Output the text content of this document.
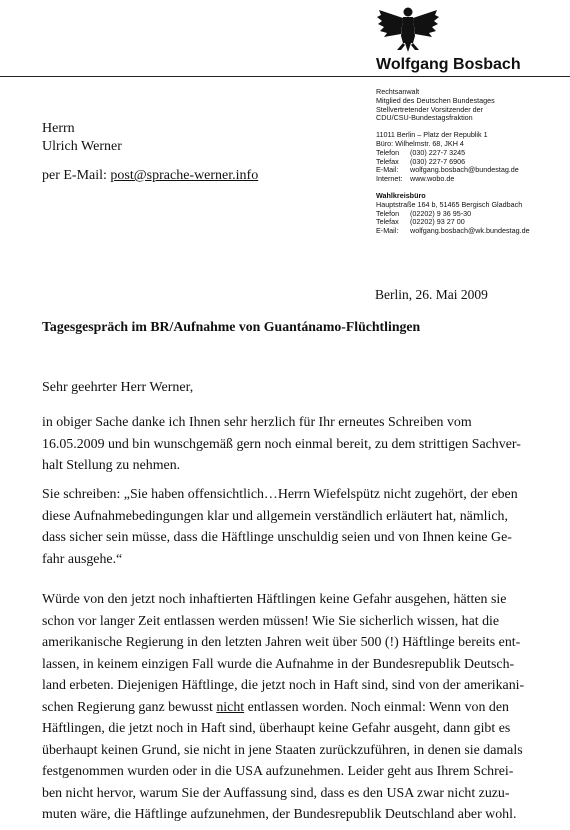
Wolfgang Bosbach
Rechtsanwalt
Mitglied des Deutschen Bundestages
Stellvertretender Vorsitzender der
CDU/CSU-Bundestagsfraktion
11011 Berlin – Platz der Republik 1
Büro: Wilhelmstr. 68, JKH 4
Telefon (030) 227-7 3245
Telefax (030) 227-7 6906
E-Mail: wolfgang.bosbach@bundestag.de
Internet: www.wobo.de
Wahlkreisbüro
Hauptstraße 164 b, 51465 Bergisch Gladbach
Telefon (02202) 9 36 95-30
Telefax (02202) 93 27 00
E-Mail: wolfgang.bosbach@wk.bundestag.de
Herrn
Ulrich Werner
per E-Mail: post@sprache-werner.info
Berlin, 26. Mai 2009
Tagesgespräch im BR/Aufnahme von Guantánamo-Flüchtlingen
Sehr geehrter Herr Werner,

in obiger Sache danke ich Ihnen sehr herzlich für Ihr erneutes Schreiben vom
16.05.2009 und bin wunschgemäß gern noch einmal bereit, zu dem strittigen Sachver-
halt Stellung zu nehmen.

Sie schreiben: „Sie haben offensichtlich…Herrn Wiefelspütz nicht zugehört, der eben
diese Aufnahmebedingungen klar und allgemein verständlich erläutert hat, nämlich,
dass sicher sein müsse, dass die Häftlinge unschuldig seien und von Ihnen keine Ge-
fahr ausgehe.“

Würde von den jetzt noch inhaftierten Häftlingen keine Gefahr ausgehen, hätten sie
schon vor langer Zeit entlassen werden müssen! Wie Sie sicherlich wissen, hat die
amerikanische Regierung in den letzten Jahren weit über 500 (!) Häftlinge bereits ent-
lassen, in keinem einzigen Fall wurde die Aufnahme in der Bundesrepublik Deutsch-
land erbeten. Diejenigen Häftlinge, die jetzt noch in Haft sind, sind von der amerikani-
schen Regierung ganz bewusst nicht entlassen worden. Noch einmal: Wenn von den
Häftlingen, die jetzt noch in Haft sind, überhaupt keine Gefahr ausgeht, dann gibt es
überhaupt keinen Grund, sie nicht in jene Staaten zurückzuführen, in denen sie damals
festgenommen wurden oder in die USA aufzunehmen. Leider geht aus Ihrem Schrei-
ben nicht hervor, warum Sie der Auffassung sind, dass es den USA zwar nicht zuzu-
muten wäre, die Häftlinge aufzunehmen, der Bundesrepublik Deutschland aber wohl.
